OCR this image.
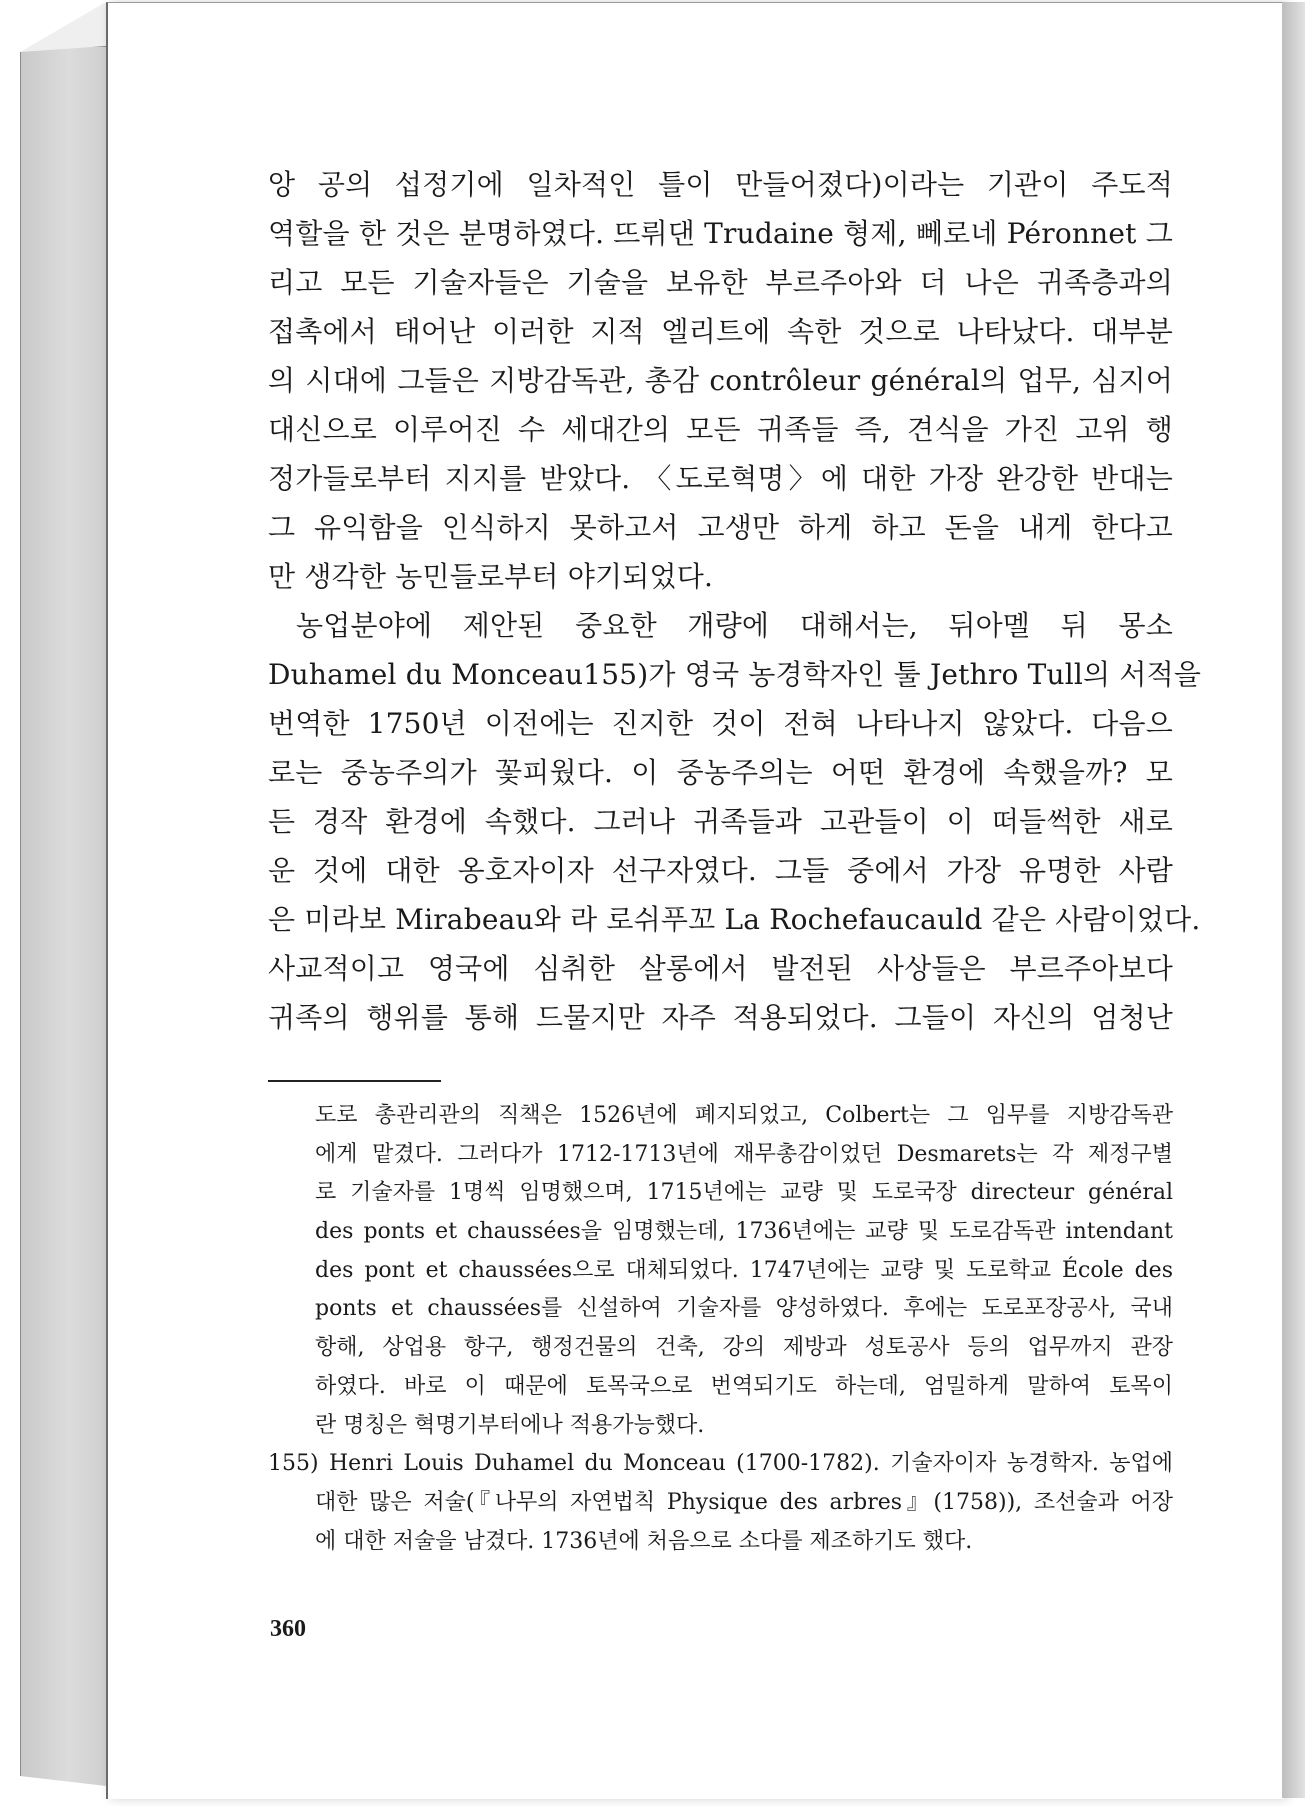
앙 공의 섭정기에 일차적인 틀이 만들어졌다)이라는 기관이 주도적
역할을 한 것은 분명하였다. 뜨뤼댄 Trudaine 형제, 뻬로네 Péronnet 그
리고 모든 기술자들은 기술을 보유한 부르주아와 더 나은 귀족층과의
접촉에서 태어난 이러한 지적 엘리트에 속한 것으로 나타났다. 대부분
의 시대에 그들은 지방감독관, 총감 contrôleur général의 업무, 심지어
대신으로 이루어진 수 세대간의 모든 귀족들 즉, 견식을 가진 고위 행
정가들로부터 지지를 받았다. 〈도로혁명〉에 대한 가장 완강한 반대는
그 유익함을 인식하지 못하고서 고생만 하게 하고 돈을 내게 한다고
만 생각한 농민들로부터 야기되었다.
농업분야에 제안된 중요한 개량에 대해서는, 뒤아멜 뒤 몽소
Duhamel du Monceau155)가 영국 농경학자인 툴 Jethro Tull의 서적을
번역한 1750년 이전에는 진지한 것이 전혀 나타나지 않았다. 다음으
로는 중농주의가 꽃피웠다. 이 중농주의는 어떤 환경에 속했을까? 모
든 경작 환경에 속했다. 그러나 귀족들과 고관들이 이 떠들썩한 새로
운 것에 대한 옹호자이자 선구자였다. 그들 중에서 가장 유명한 사람
은 미라보 Mirabeau와 라 로쉬푸꼬 La Rochefaucauld 같은 사람이었다.
사교적이고 영국에 심취한 살롱에서 발전된 사상들은 부르주아보다
귀족의 행위를 통해 드물지만 자주 적용되었다. 그들이 자신의 엄청난
도로 총관리관의 직책은 1526년에 폐지되었고, Colbert는 그 임무를 지방감독관
에게 맡겼다. 그러다가 1712-1713년에 재무총감이었던 Desmarets는 각 제정구별
로 기술자를 1명씩 임명했으며, 1715년에는 교량 및 도로국장 directeur général
des ponts et chaussées을 임명했는데, 1736년에는 교량 및 도로감독관 intendant
des pont et chaussées으로 대체되었다. 1747년에는 교량 및 도로학교 École des
ponts et chaussées를 신설하여 기술자를 양성하였다. 후에는 도로포장공사, 국내
항해, 상업용 항구, 행정건물의 건축, 강의 제방과 성토공사 등의 업무까지 관장
하였다. 바로 이 때문에 토목국으로 번역되기도 하는데, 엄밀하게 말하여 토목이
란 명칭은 혁명기부터에나 적용가능했다.
155) Henri Louis Duhamel du Monceau (1700-1782). 기술자이자 농경학자. 농업에
대한 많은 저술(『나무의 자연법칙 Physique des arbres』(1758)), 조선술과 어장
에 대한 저술을 남겼다. 1736년에 처음으로 소다를 제조하기도 했다.
360
